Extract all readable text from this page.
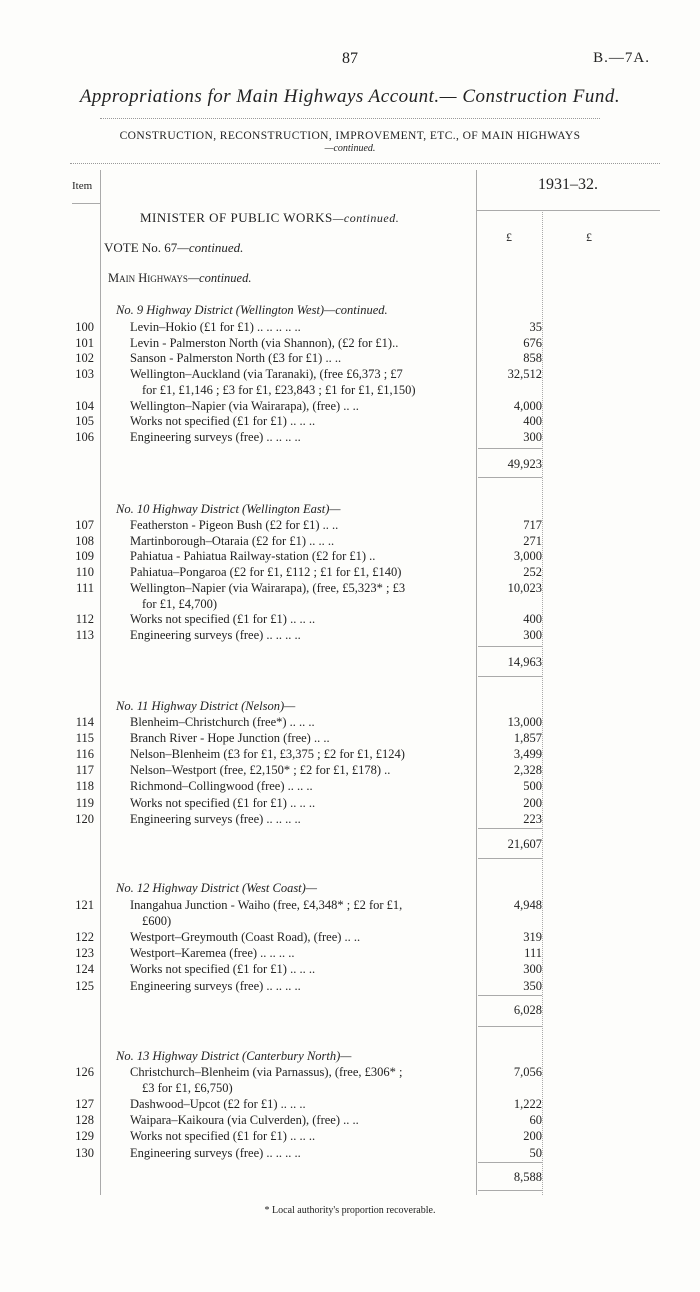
87	B.—7A.
Appropriations for Main Highways Account.— Construction Fund.
CONSTRUCTION, RECONSTRUCTION, IMPROVEMENT, ETC., OF MAIN HIGHWAYS
—continued.
Item	1931–32.
£	£
MINISTER OF PUBLIC WORKS—continued.
VOTE No. 67—continued.
Main Highways—continued.
No. 9 Highway District (Wellington West)—continued.
100	Levin–Hokio (£1 for £1) .. .. .. .. ..	35
101	Levin - Palmerston North (via Shannon), (£2 for £1)..	676
102	Sanson - Palmerston North (£3 for £1) .. ..	858
103	Wellington–Auckland (via Taranaki), (free £6,373 ; £7	32,512
for £1, £1,146 ; £3 for £1, £23,843 ; £1 for £1, £1,150)
104	Wellington–Napier (via Wairarapa), (free) .. ..	4,000
105	Works not specified (£1 for £1) .. .. ..	400
106	Engineering surveys (free) .. .. .. ..	300
49,923
No. 10 Highway District (Wellington East)—
107	Featherston - Pigeon Bush (£2 for £1) .. ..	717
108	Martinborough–Otaraia (£2 for £1) .. .. ..	271
109	Pahiatua - Pahiatua Railway-station (£2 for £1) ..	3,000
110	Pahiatua–Pongaroa (£2 for £1, £112 ; £1 for £1, £140)	252
111	Wellington–Napier (via Wairarapa), (free, £5,323* ; £3	10,023
for £1, £4,700)
112	Works not specified (£1 for £1) .. .. ..	400
113	Engineering surveys (free) .. .. .. ..	300
14,963
No. 11 Highway District (Nelson)—
114	Blenheim–Christchurch (free*) .. .. ..	13,000
115	Branch River - Hope Junction (free) .. ..	1,857
116	Nelson–Blenheim (£3 for £1, £3,375 ; £2 for £1, £124)	3,499
117	Nelson–Westport (free, £2,150* ; £2 for £1, £178) ..	2,328
118	Richmond–Collingwood (free) .. .. ..	500
119	Works not specified (£1 for £1) .. .. ..	200
120	Engineering surveys (free) .. .. .. ..	223
21,607
No. 12 Highway District (West Coast)—
121	Inangahua Junction - Waiho (free, £4,348* ; £2 for £1,	4,948
£600)
122	Westport–Greymouth (Coast Road), (free) .. ..	319
123	Westport–Karemea (free) .. .. .. ..	111
124	Works not specified (£1 for £1) .. .. ..	300
125	Engineering surveys (free) .. .. .. ..	350
6,028
No. 13 Highway District (Canterbury North)—
126	Christchurch–Blenheim (via Parnassus), (free, £306* ;	7,056
£3 for £1, £6,750)
127	Dashwood–Upcot (£2 for £1) .. .. ..	1,222
128	Waipara–Kaikoura (via Culverden), (free) .. ..	60
129	Works not specified (£1 for £1) .. .. ..	200
130	Engineering surveys (free) .. .. .. ..	50
8,588
* Local authority's proportion recoverable.
